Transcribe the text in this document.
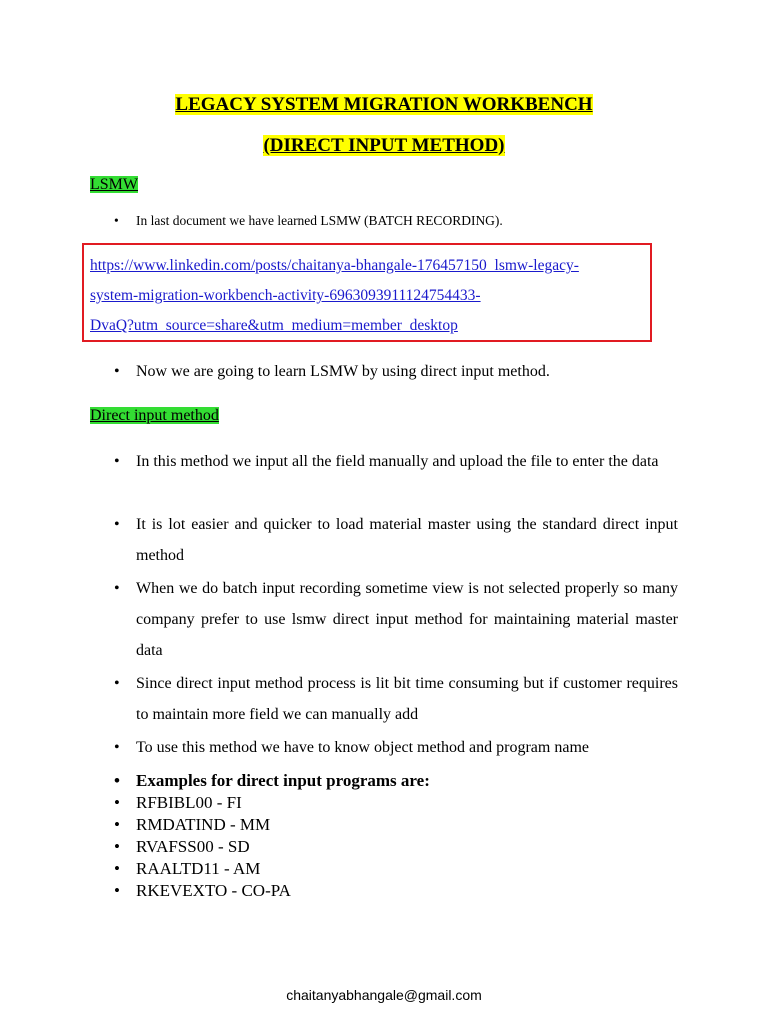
LEGACY SYSTEM MIGRATION WORKBENCH
(DIRECT INPUT METHOD)
LSMW
•	In last document we have learned LSMW (BATCH RECORDING).
https://www.linkedin.com/posts/chaitanya-bhangale-176457150_lsmw-legacy-
system-migration-workbench-activity-6963093911124754433-
DvaQ?utm_source=share&utm_medium=member_desktop
•	Now we are going to learn LSMW by using direct input method.
Direct input method
•	In this method we input all the field manually and upload the file to enter the data
•	It is lot easier and quicker to load material master using the standard direct input method
•	When we do batch input recording sometime view is not selected properly so many company prefer to use lsmw direct input method for maintaining material master data
•	Since direct input method process is lit bit time consuming but if customer requires to maintain more field we can manually add
•	To use this method we have to know object method and program name
• Examples for direct input programs are:
• RFBIBL00 - FI
• RMDATIND - MM
• RVAFSS00 - SD
• RAALTD11 - AM
• RKEVEXTO - CO-PA
chaitanyabhangale@gmail.com
